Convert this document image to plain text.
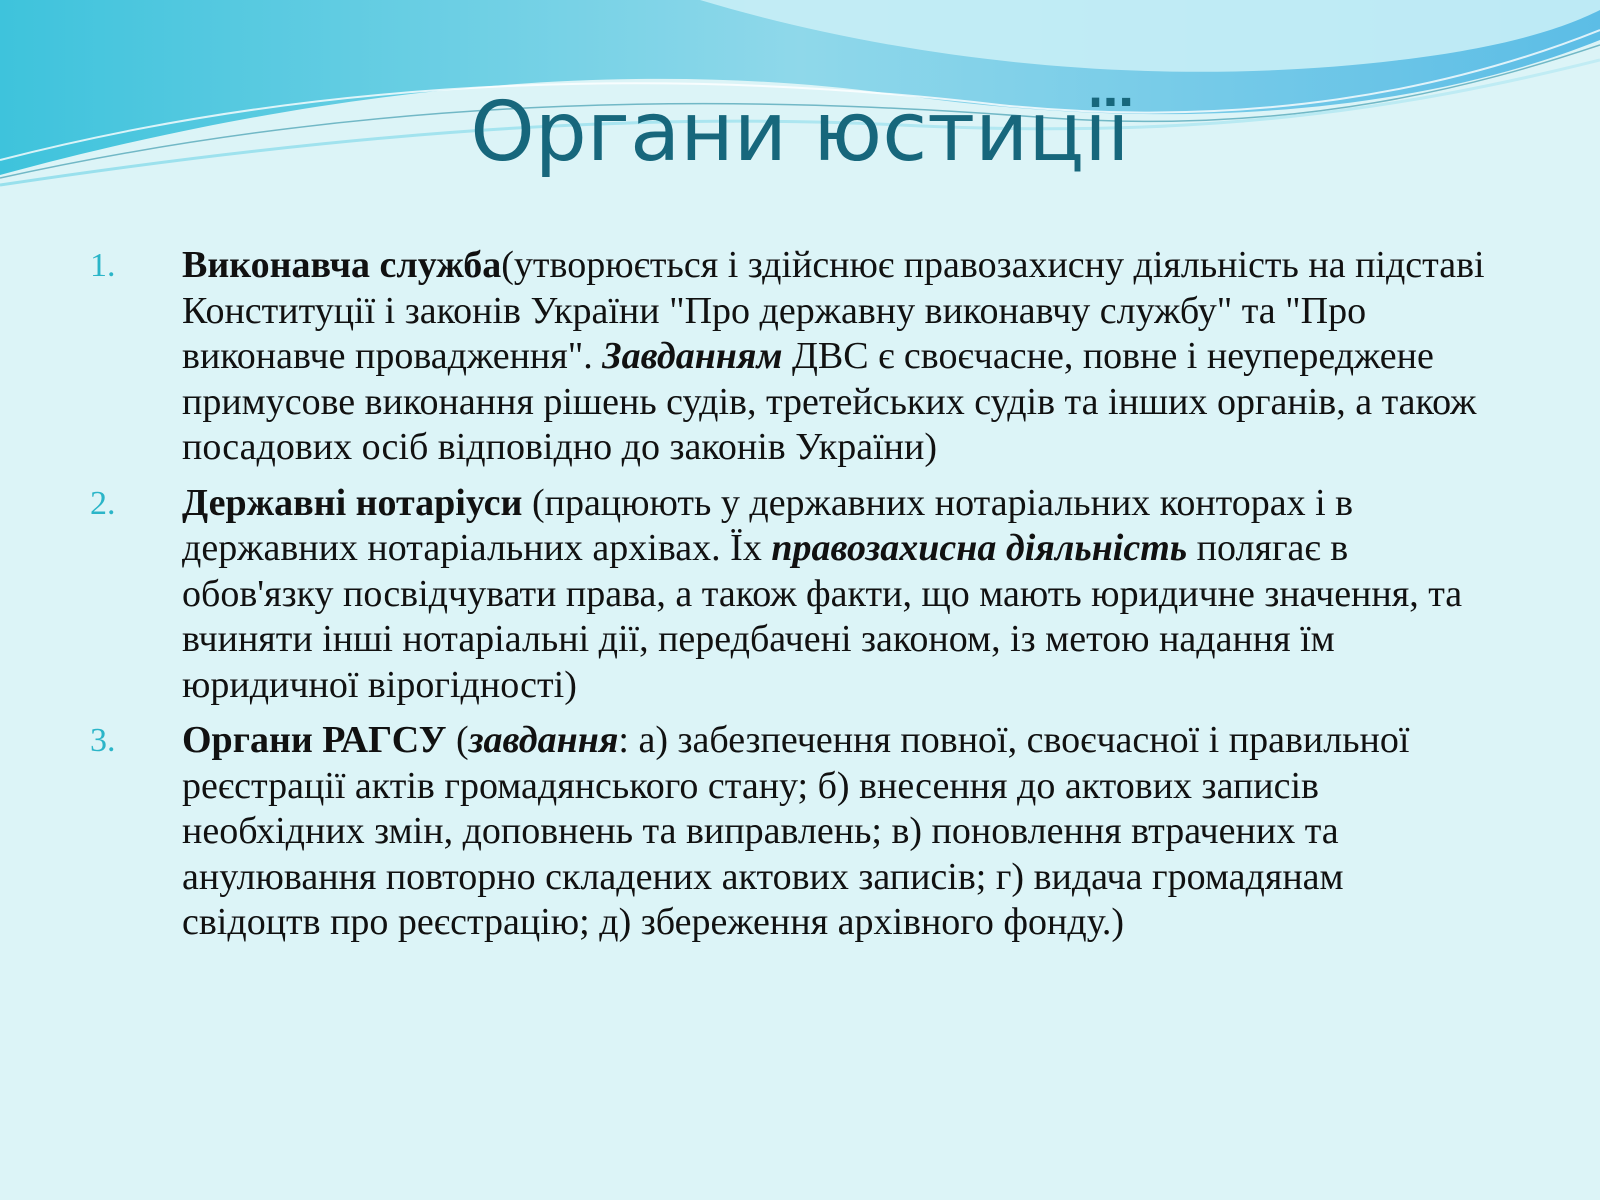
Органи юстиції
1.	Виконавча служба(утворюється і здійснює правозахисну діяльність на підставі Конституції і законів України "Про державну виконавчу службу" та "Про виконавче провадження". Завданням ДВС є своєчасне, повне і неупереджене примусове виконання рішень судів, третейських судів та інших органів, а також посадових осіб відповідно до законів України)
2.	Державні нотаріуси (працюють у державних нотаріальних конторах і в державних нотаріальних архівах. Їх правозахисна діяльність полягає в обов'язку посвідчувати права, а також факти, що мають юридичне значення, та вчиняти інші нотаріальні дії, передбачені законом, із метою надання їм юридичної вірогідності)
3.	Органи РАГСУ (завдання: а) забезпечення повної, своєчасної і правильної реєстрації актів громадянського стану; б) внесення до актових записів необхідних змін, доповнень та виправлень; в) поновлення втрачених та анулювання повторно складених актових записів; г) видача громадянам свідоцтв про реєстрацію; д) збереження архівного фонду.)
